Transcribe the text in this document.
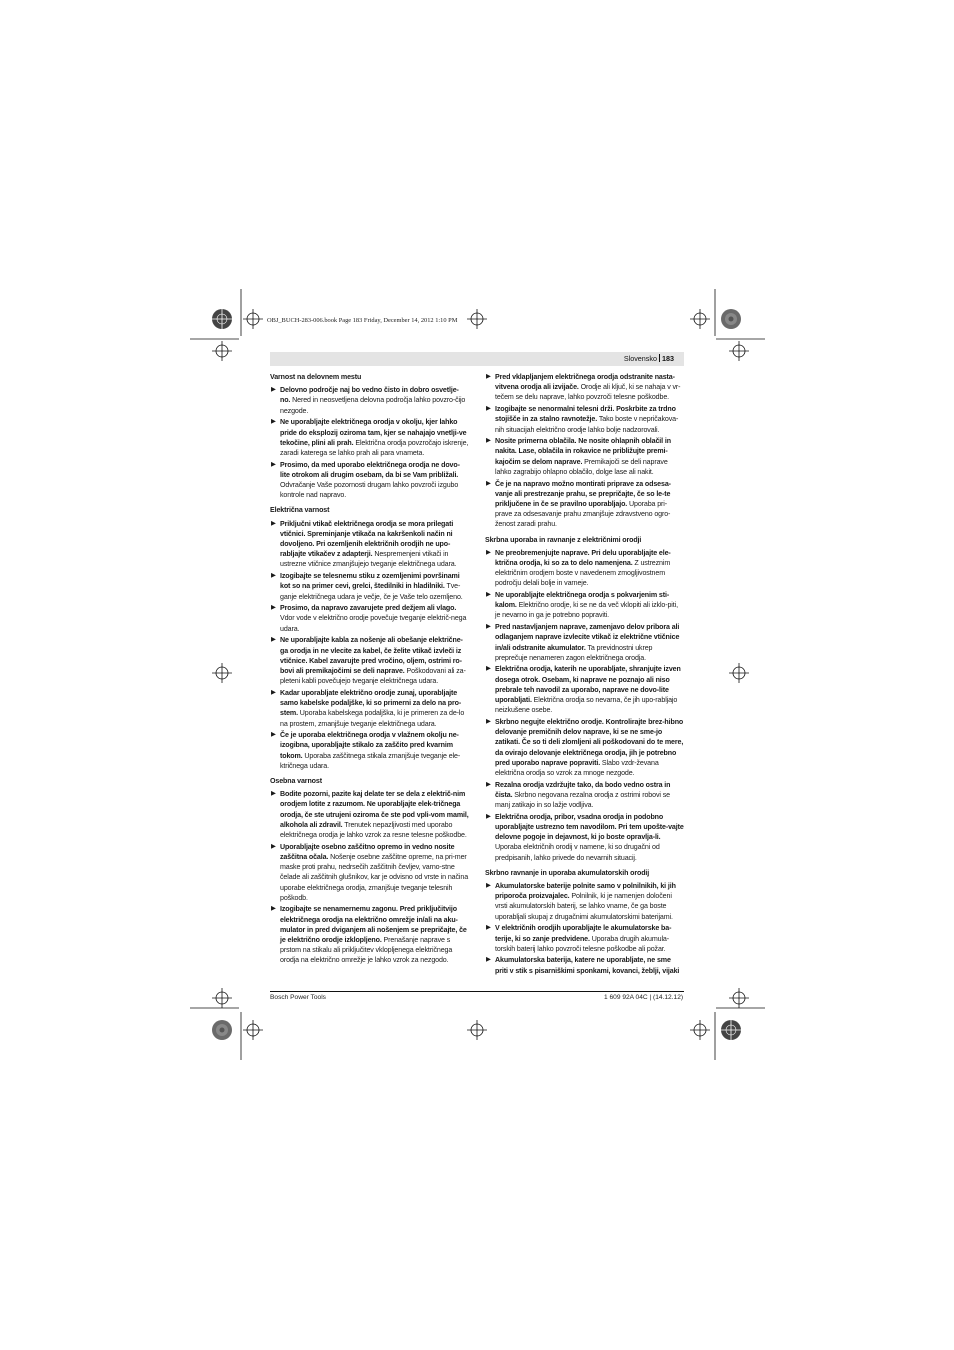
OBJ_BUCH-283-006.book Page 183 Friday, December 14, 2012 1:10 PM
Slovensko 183
Varnost na delovnem mestu
▶ Delovno področje naj bo vedno čisto in dobro osvetlje-no. Nered in neosvetljena delovna področja lahko povzro-čijo nezgode.
▶ Ne uporabljajte električnega orodja v okolju, kjer lahko pride do eksplozij oziroma tam, kjer se nahajajo vnetlji-ve tekočine, plini ali prah. Električna orodja povzročajo iskrenje, zaradi katerega se lahko prah ali para vnameta.
▶ Prosimo, da med uporabo električnega orodja ne dovo-lite otrokom ali drugim osebam, da bi se Vam približali. Odvračanje Vaše pozornosti drugam lahko povzroči izgubo kontrole nad napravo.
Električna varnost
▶ Priključni vtikač električnega orodja se mora prilegati vtičnici. Spreminjanje vtikača na kakršenkoli način ni dovoljeno. Pri ozemljenih električnih orodjih ne upo-rabljajte vtikačev z adapterji. Nespremenjeni vtikači in ustrezne vtičnice zmanjšujejo tveganje električnega udara.
▶ Izogibajte se telesnemu stiku z ozemljenimi površinami kot so na primer cevi, grelci, štedilniki in hladilniki. Tve-ganje električnega udara je večje, če je Vaše telo ozemljeno.
▶ Prosimo, da napravo zavarujete pred dežjem ali vlago. Vdor vode v električno orodje povečuje tveganje električ-nega udara.
▶ Ne uporabljajte kabla za nošenje ali obešanje električne-ga orodja in ne vlecite za kabel, če želite vtikač izvleči iz vtičnice. Kabel zavarujte pred vročino, oljem, ostrimi ro-bovi ali premikajočimi se deli naprave. Poškodovani ali za-pleteni kabli povečujejo tveganje električnega udara.
▶ Kadar uporabljate električno orodje zunaj, uporabljajte samo kabelske podaljške, ki so primerni za delo na pro-stem. Uporaba kabelskega podaljška, ki je primeren za de-lo na prostem, zmanjšuje tveganje električnega udara.
▶ Če je uporaba električnega orodja v vlažnem okolju ne-izogibna, uporabljajte stikalo za zaščito pred kvarnim tokom. Uporaba zaščitnega stikala zmanjšuje tveganje ele-ktričnega udara.
Osebna varnost
▶ Bodite pozorni, pazite kaj delate ter se dela z električ-nim orodjem lotite z razumom. Ne uporabljajte elek-tričnega orodja, če ste utrujeni oziroma če ste pod vpli-vom mamil, alkohola ali zdravil. Trenutek nepazljivosti med uporabo električnega orodja je lahko vzrok za resne telesne poškodbe.
▶ Uporabljajte osebno zaščitno opremo in vedno nosite zaščitna očala. Nošenje osebne zaščitne opreme, na pri-mer maske proti prahu, nedrsečih zaščitnih čevljev, varno-stne čelade ali zaščitnih glušnikov, kar je odvisno od vrste in načina uporabe električnega orodja, zmanjšuje tveganje telesnih poškodb.
▶ Izogibajte se nenamernemu zagonu. Pred priključitvijo električnega orodja na električno omrežje in/ali na aku-mulator in pred dviganjem ali nošenjem se prepričajte, če je električno orodje izklopljeno. Prenašanje naprave s prstom na stikalu ali priključitev vklopljenega električnega orodja na električno omrežje je lahko vzrok za nezgodo.
▶ Pred vklapljanjem električnega orodja odstranite nasta-vitvena orodja ali izvijače. Orodje ali ključ, ki se nahaja v vr-tečem se delu naprave, lahko povzroči telesne poškodbe.
▶ Izogibajte se nenormalni telesni drži. Poskrbite za trdno stojišče in za stalno ravnotežje. Tako boste v nepričakova-nih situacijah električno orodje lahko bolje nadzorovali.
▶ Nosite primerna oblačila. Ne nosite ohlapnih oblačil in nakita. Lase, oblačila in rokavice ne približujte premi-kajočim se delom naprave. Premikajoči se deli naprave lahko zagrabijo ohlapno oblačilo, dolge lase ali nakit.
▶ Če je na napravo možno montirati priprave za odsesa-vanje ali prestrezanje prahu, se prepričajte, če so le-te priključene in če se pravilno uporabljajo. Uporaba pri-prave za odsesavanje prahu zmanjšuje zdravstveno ogro-ženost zaradi prahu.
Skrbna uporaba in ravnanje z električnimi orodji
▶ Ne preobremenjujte naprave. Pri delu uporabljajte ele-ktrična orodja, ki so za to delo namenjena. Z ustreznim električnim orodjem boste v navedenem zmogljivostnem področju delali bolje in varneje.
▶ Ne uporabljajte električnega orodja s pokvarjenim sti-kalom. Električno orodje, ki se ne da več vklopiti ali izklo-piti, je nevarno in ga je potrebno popraviti.
▶ Pred nastavljanjem naprave, zamenjavo delov pribora ali odlaganjem naprave izvlecite vtikač iz električne vtičnice in/ali odstranite akumulator. Ta previdnostni ukrep preprečuje nenameren zagon električnega orodja.
▶ Električna orodja, katerih ne uporabljate, shranjujte izven dosega otrok. Osebam, ki naprave ne poznajo ali niso prebrale teh navodil za uporabo, naprave ne dovo-lite uporabljati. Električna orodja so nevarna, če jih upo-rabljajo neizkušene osebe.
▶ Skrbno negujte električno orodje. Kontrolirajte brez-hibno delovanje premičnih delov naprave, ki se ne sme-jo zatikati. Če so ti deli zlomljeni ali poškodovani do te mere, da ovirajo delovanje električnega orodja, jih je potrebno pred uporabo naprave popraviti. Slabo vzdr-ževana električna orodja so vzrok za mnoge nezgode.
▶ Rezalna orodja vzdržujte tako, da bodo vedno ostra in čista. Skrbno negovana rezalna orodja z ostrimi robovi se manj zatikajo in so lažje vodljiva.
▶ Električna orodja, pribor, vsadna orodja in podobno uporabljajte ustrezno tem navodilom. Pri tem upošte-vajte delovne pogoje in dejavnost, ki jo boste opravlja-li. Uporaba električnih orodij v namene, ki so drugačni od predpisanih, lahko privede do nevarnih situacij.
Skrbno ravnanje in uporaba akumulatorskih orodij
▶ Akumulatorske baterije polnite samo v polnilnikih, ki jih priporoča proizvajalec. Polnilnik, ki je namenjen določeni vrsti akumulatorskih baterij, se lahko vname, če ga boste uporabljali skupaj z drugačnimi akumulatorskimi baterijami.
▶ V električnih orodjih uporabljajte le akumulatorske ba-terije, ki so zanje predvidene. Uporaba drugih akumula-torskih baterij lahko povzroči telesne poškodbe ali požar.
▶ Akumulatorska baterija, katere ne uporabljate, ne sme priti v stik s pisarniškimi sponkami, kovanci, žeblji, vijaki
Bosch Power Tools	1 609 92A 04C | (14.12.12)
